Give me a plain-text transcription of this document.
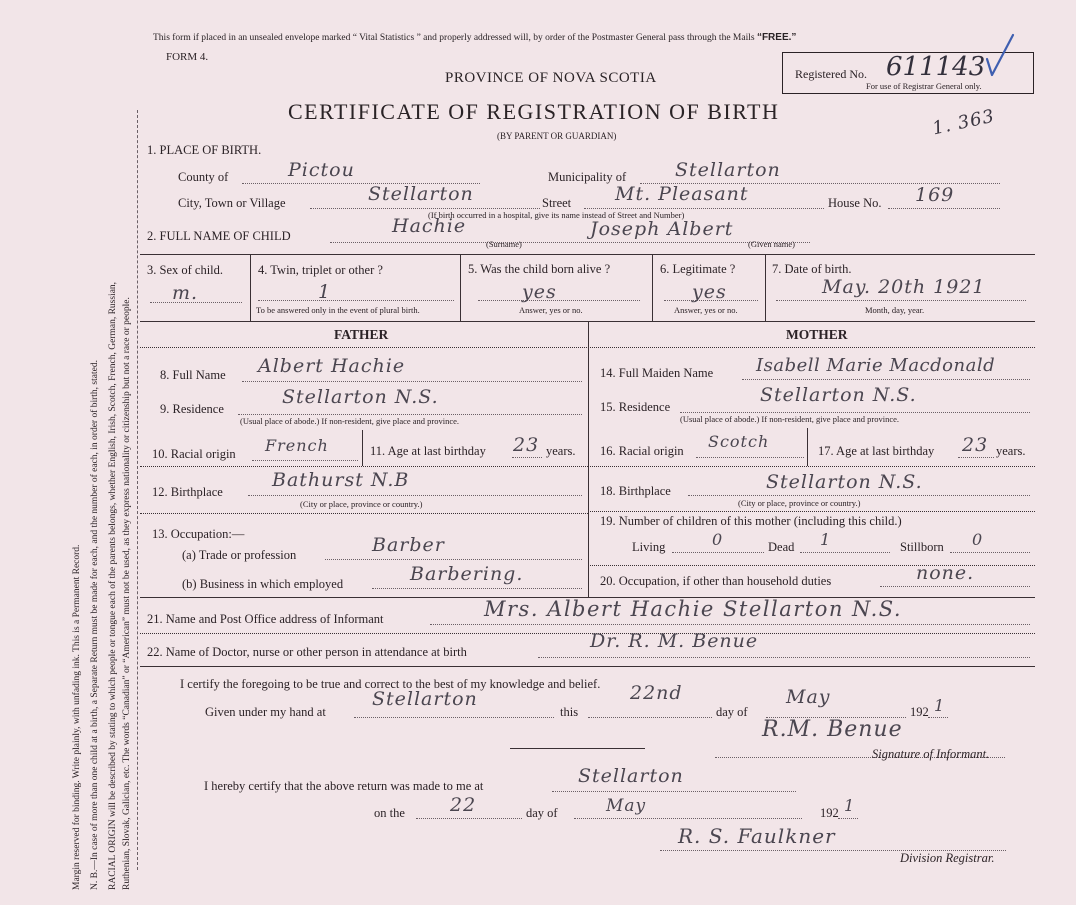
Margin reserved for binding. Write plainly, with unfading ink. This is a Permanent Record. N. B.—In case of more than one child at a birth, a Separate Return must be made for each, and the number of each, in order of birth, stated. RACIAL ORIGIN will be described by stating to which people or tongue each of the parents belongs, whether English, Irish, Scotch, French, German, Russian, Ruthenian, Slovak, Galician, etc. The words “Canadian” or “American” must not be used, as they express nationality or citizenship but not a race or people.
This form if placed in an unsealed envelope marked “ Vital Statistics ” and properly addressed will, by order of the Postmaster General pass through the Mails “FREE.”
FORM 4.
PROVINCE OF NOVA SCOTIA
CERTIFICATE OF REGISTRATION OF BIRTH
(BY PARENT OR GUARDIAN)
Registered No. 611143
For use of Registrar General only.
1. 363
1. PLACE OF BIRTH.
County of	Pictou	Municipality of	Stellarton
City, Town or Village	Stellarton	Street Mt. Pleasant	House No. 169
(If birth occurred in a hospital, give its name instead of Street and Number)
2. FULL NAME OF CHILD	Hachie	Joseph Albert
(Surname)	(Given name)
3. Sex of child.
m.
4. Twin, triplet or other ?
1
To be answered only in the event of plural birth.
5. Was the child born alive ?
yes
Answer, yes or no.
6. Legitimate ?
yes
Answer, yes or no.
7. Date of birth.
May. 20th 1921
Month, day, year.
FATHER	MOTHER
8. Full Name Albert Hachie
9. Residence
Stellarton N.S.
(Usual place of abode.) If non-resident, give place and province.
10. Racial origin French	11. Age at last birthday 23 years.
12. Birthplace
Bathurst N.B
(City or place, province or country.)
13. Occupation:—
(a) Trade or profession	Barber
(b) Business in which employed	Barbering.
14. Full Maiden Name Isabell Marie Macdonald
15. Residence
Stellarton N.S.
(Usual place of abode.) If non-resident, give place and province.
16. Racial origin Scotch	17. Age at last birthday 23 years.
18. Birthplace	Stellarton N.S.
(City or place, province or country.)
19. Number of children of this mother (including this child.)
Living	0	Dead 1	Stillborn 0
20. Occupation, if other than household duties	none.
21. Name and Post Office address of Informant	Mrs. Albert Hachie Stellarton N.S.
22. Name of Doctor, nurse or other person in attendance at birth	Dr. R. M. Benue
I certify the foregoing to be true and correct to the best of my knowledge and belief.
Given under my hand at
Stellarton
this
22nd
day of
May
192 1
R.M. Benue
Signature of Informant.
I hereby certify that the above return was made to me at	Stellarton
on the 22	day of	May	192 1
R. S. Faulkner
Division Registrar.
